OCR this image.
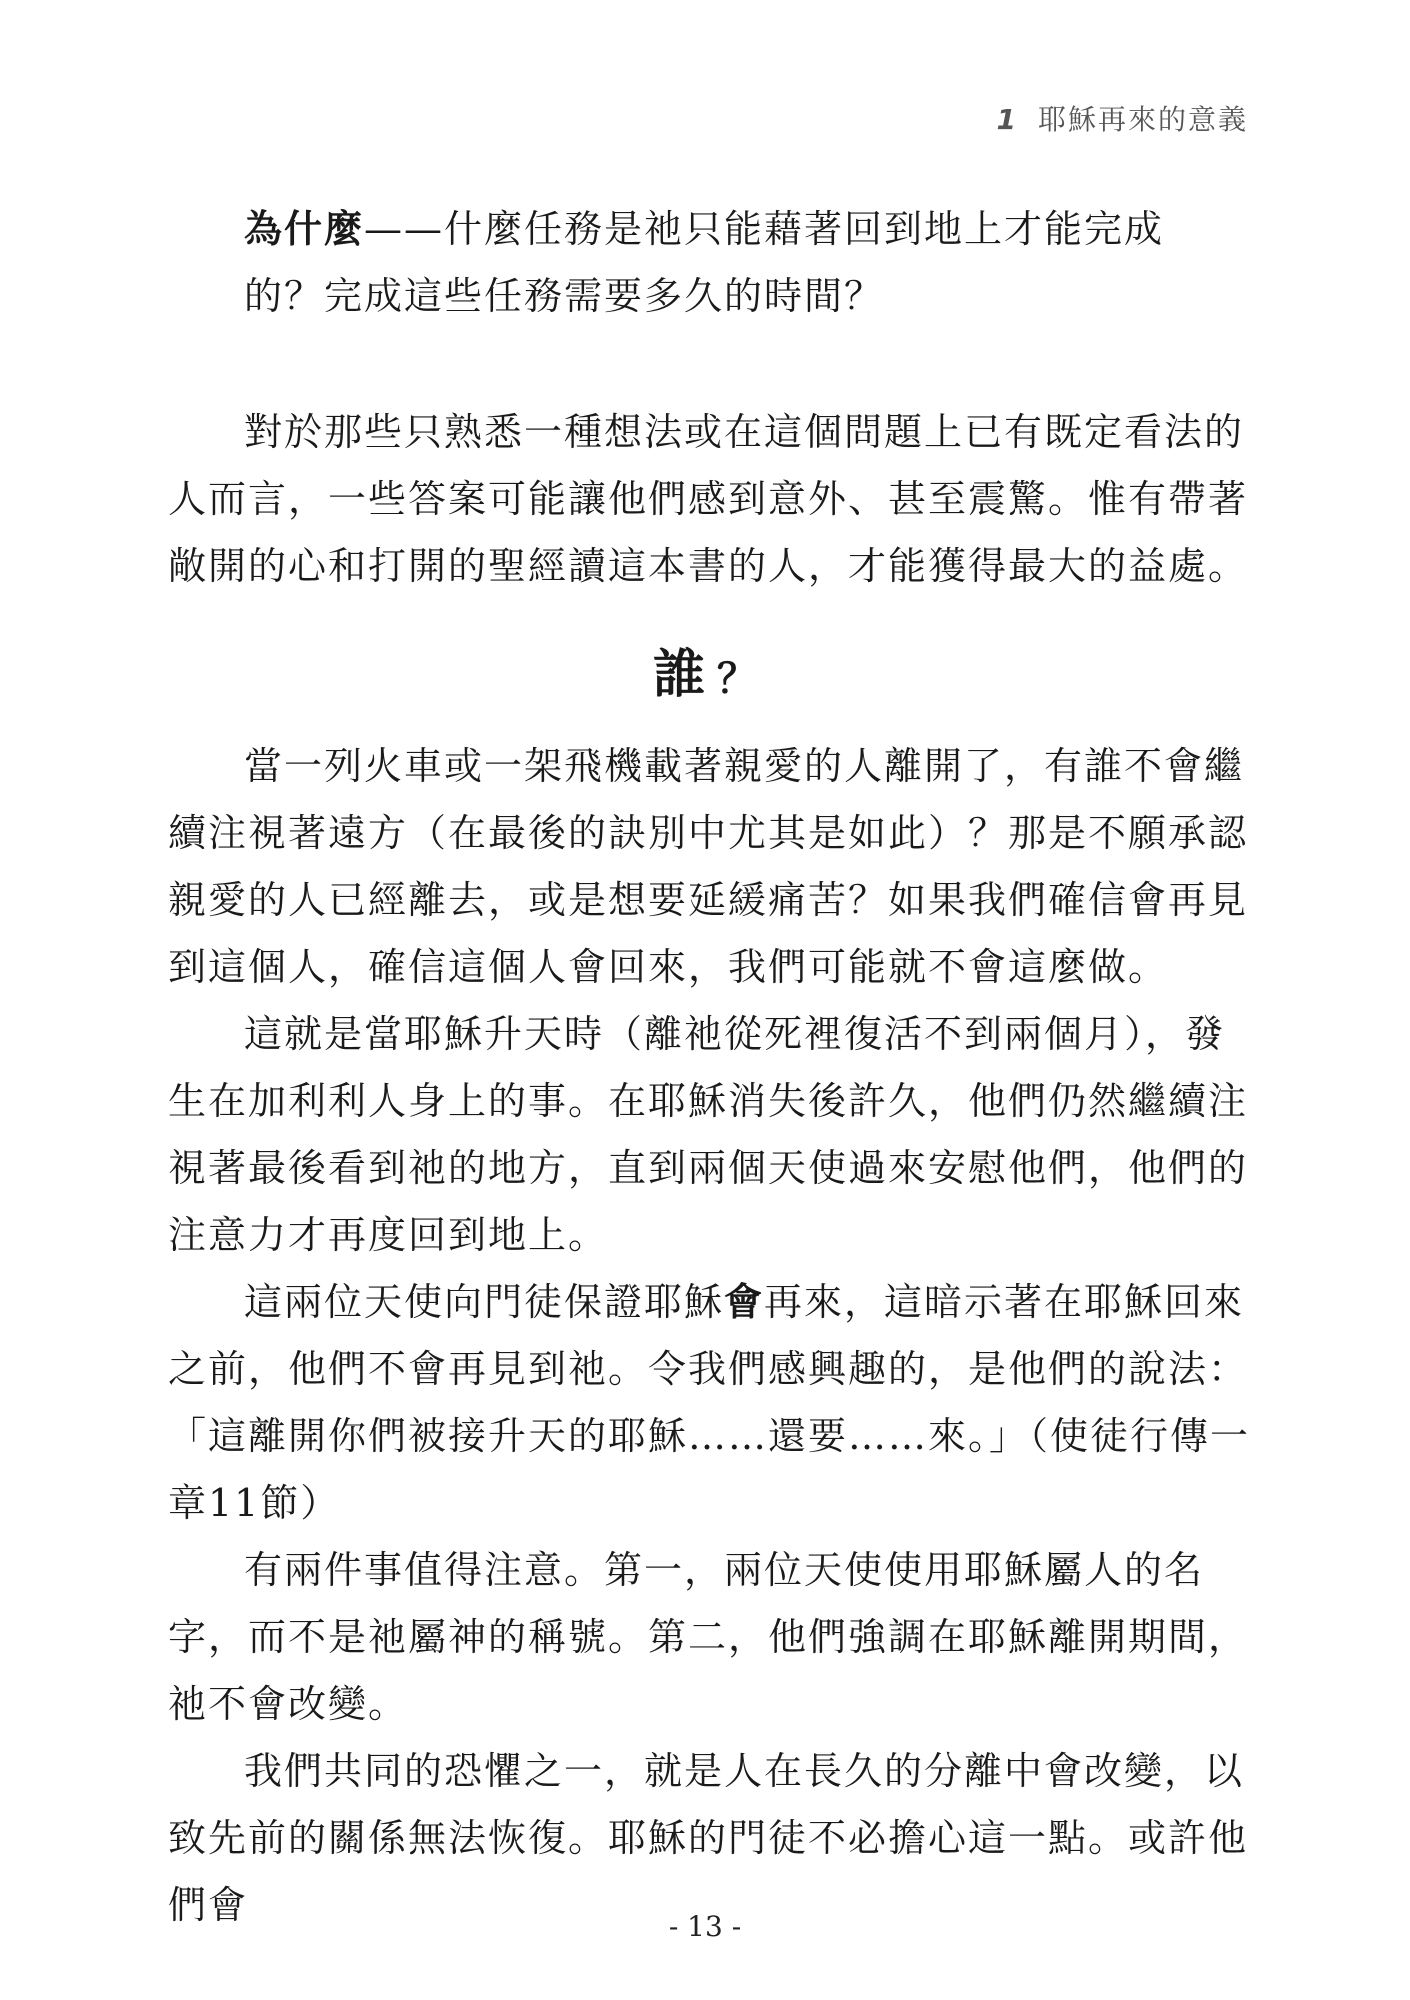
1 耶穌再來的意義
為什麼——什麼任務是祂只能藉著回到地上才能完成
的？完成這些任務需要多久的時間？

對於那些只熟悉一種想法或在這個問題上已有既定看法的人而言，一些答案可能讓他們感到意外、甚至震驚。惟有帶著敞開的心和打開的聖經讀這本書的人，才能獲得最大的益處。

誰 ？

當一列火車或一架飛機載著親愛的人離開了，有誰不會繼續注視著遠方（在最後的訣別中尤其是如此）？那是不願承認親愛的人已經離去，或是想要延緩痛苦？如果我們確信會再見到這個人，確信這個人會回來，我們可能就不會這麼做。

這就是當耶穌升天時（離祂從死裡復活不到兩個月），發生在加利利人身上的事。在耶穌消失後許久，他們仍然繼續注視著最後看到祂的地方，直到兩個天使過來安慰他們，他們的注意力才再度回到地上。

這兩位天使向門徒保證耶穌會再來，這暗示著在耶穌回來之前，他們不會再見到祂。令我們感興趣的，是他們的說法：「這離開你們被接升天的耶穌……還要……來。」（使徒行傳一章11節）

有兩件事值得注意。第一，兩位天使使用耶穌屬人的名字，而不是祂屬神的稱號。第二，他們強調在耶穌離開期間，祂不會改變。

我們共同的恐懼之一，就是人在長久的分離中會改變，以致先前的關係無法恢復。耶穌的門徒不必擔心這一點。或許他們會	- 13 -
